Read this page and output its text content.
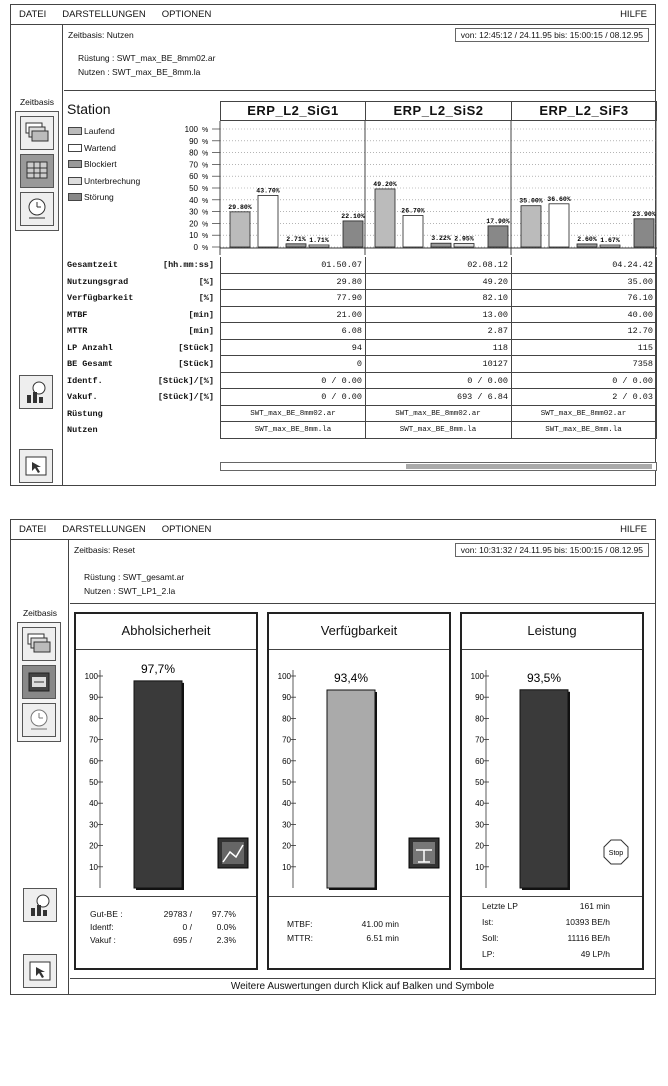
DATEI	DARSTELLUNGEN	OPTIONEN	HILFE
Zeitbasis
Zeitbasis: Nutzen	von: 12:45:12 / 24.11.95 bis: 15:00:15 / 08.12.95
Rüstung : SWT_max_BE_8mm02.ar
Nutzen : SWT_max_BE_8mm.la
Station	ERP_L2_SiG1	ERP_L2_SiS2	ERP_L2_SiF3
Laufend
Wartend
Blockiert
Unterbrechung
Störung
100 %
90 %
80 %
70 %
60 %
50 %
40 %
30 %
20 %
10 %
0 %
29.80%
43.70%
2.71% 1.71%
22.10%
49.20%
26.70%
3.22% 2.95%
17.90%
35.00% 36.60%
2.60% 1.67%
23.90%
Gesamtzeit	[hh.mm:ss]	01.50.07	02.08.12	04.24.42
Nutzungsgrad	[%]	29.80	49.20	35.00
Verfügbarkeit	[%]	77.90	82.10	76.10
MTBF	[min]	21.00	13.00	40.00
MTTR	[min]	6.08	2.87	12.70
LP Anzahl	[Stück]	94	118	115
BE Gesamt	[Stück]	0	10127	7358
Identf.	[Stück]/[%]	0 / 0.00	0 / 0.00	0 / 0.00
Vakuf.	[Stück]/[%]	0 / 0.00	693 / 6.84	2 / 0.03
Rüstung	SWT_max_BE_8mm02.ar	SWT_max_BE_8mm02.ar	SWT_max_BE_8mm02.ar
Nutzen	SWT_max_BE_8mm.la	SWT_max_BE_8mm.la	SWT_max_BE_8mm.la
DATEI	DARSTELLUNGEN	OPTIONEN	HILFE
Zeitbasis
Zeitbasis: Reset	von: 10:31:32 / 24.11.95 bis: 15:00:15 / 08.12.95
Rüstung : SWT_gesamt.ar
Nutzen : SWT_LP1_2.la
Abholsicherheit
100
90
80
70
60
50
40
30
20
10
97,7%
Gut-BE :	29783 / 97.7%
Identf:	0 /	0.0%
Vakuf :	695 /	2.3%
Verfügbarkeit
100
90
80
70
60
50
40
30
20
10
93,4%
MTBF:	41.00 min
MTTR:	6.51 min
Leistung
100
90
80
70
60
50
40
30
20
10
93,5%
Stop
Letzte LP	161 min
Ist:	10393 BE/h
Soll:	11116 BE/h
LP:	49 LP/h
Weitere Auswertungen durch Klick auf Balken und Symbole
